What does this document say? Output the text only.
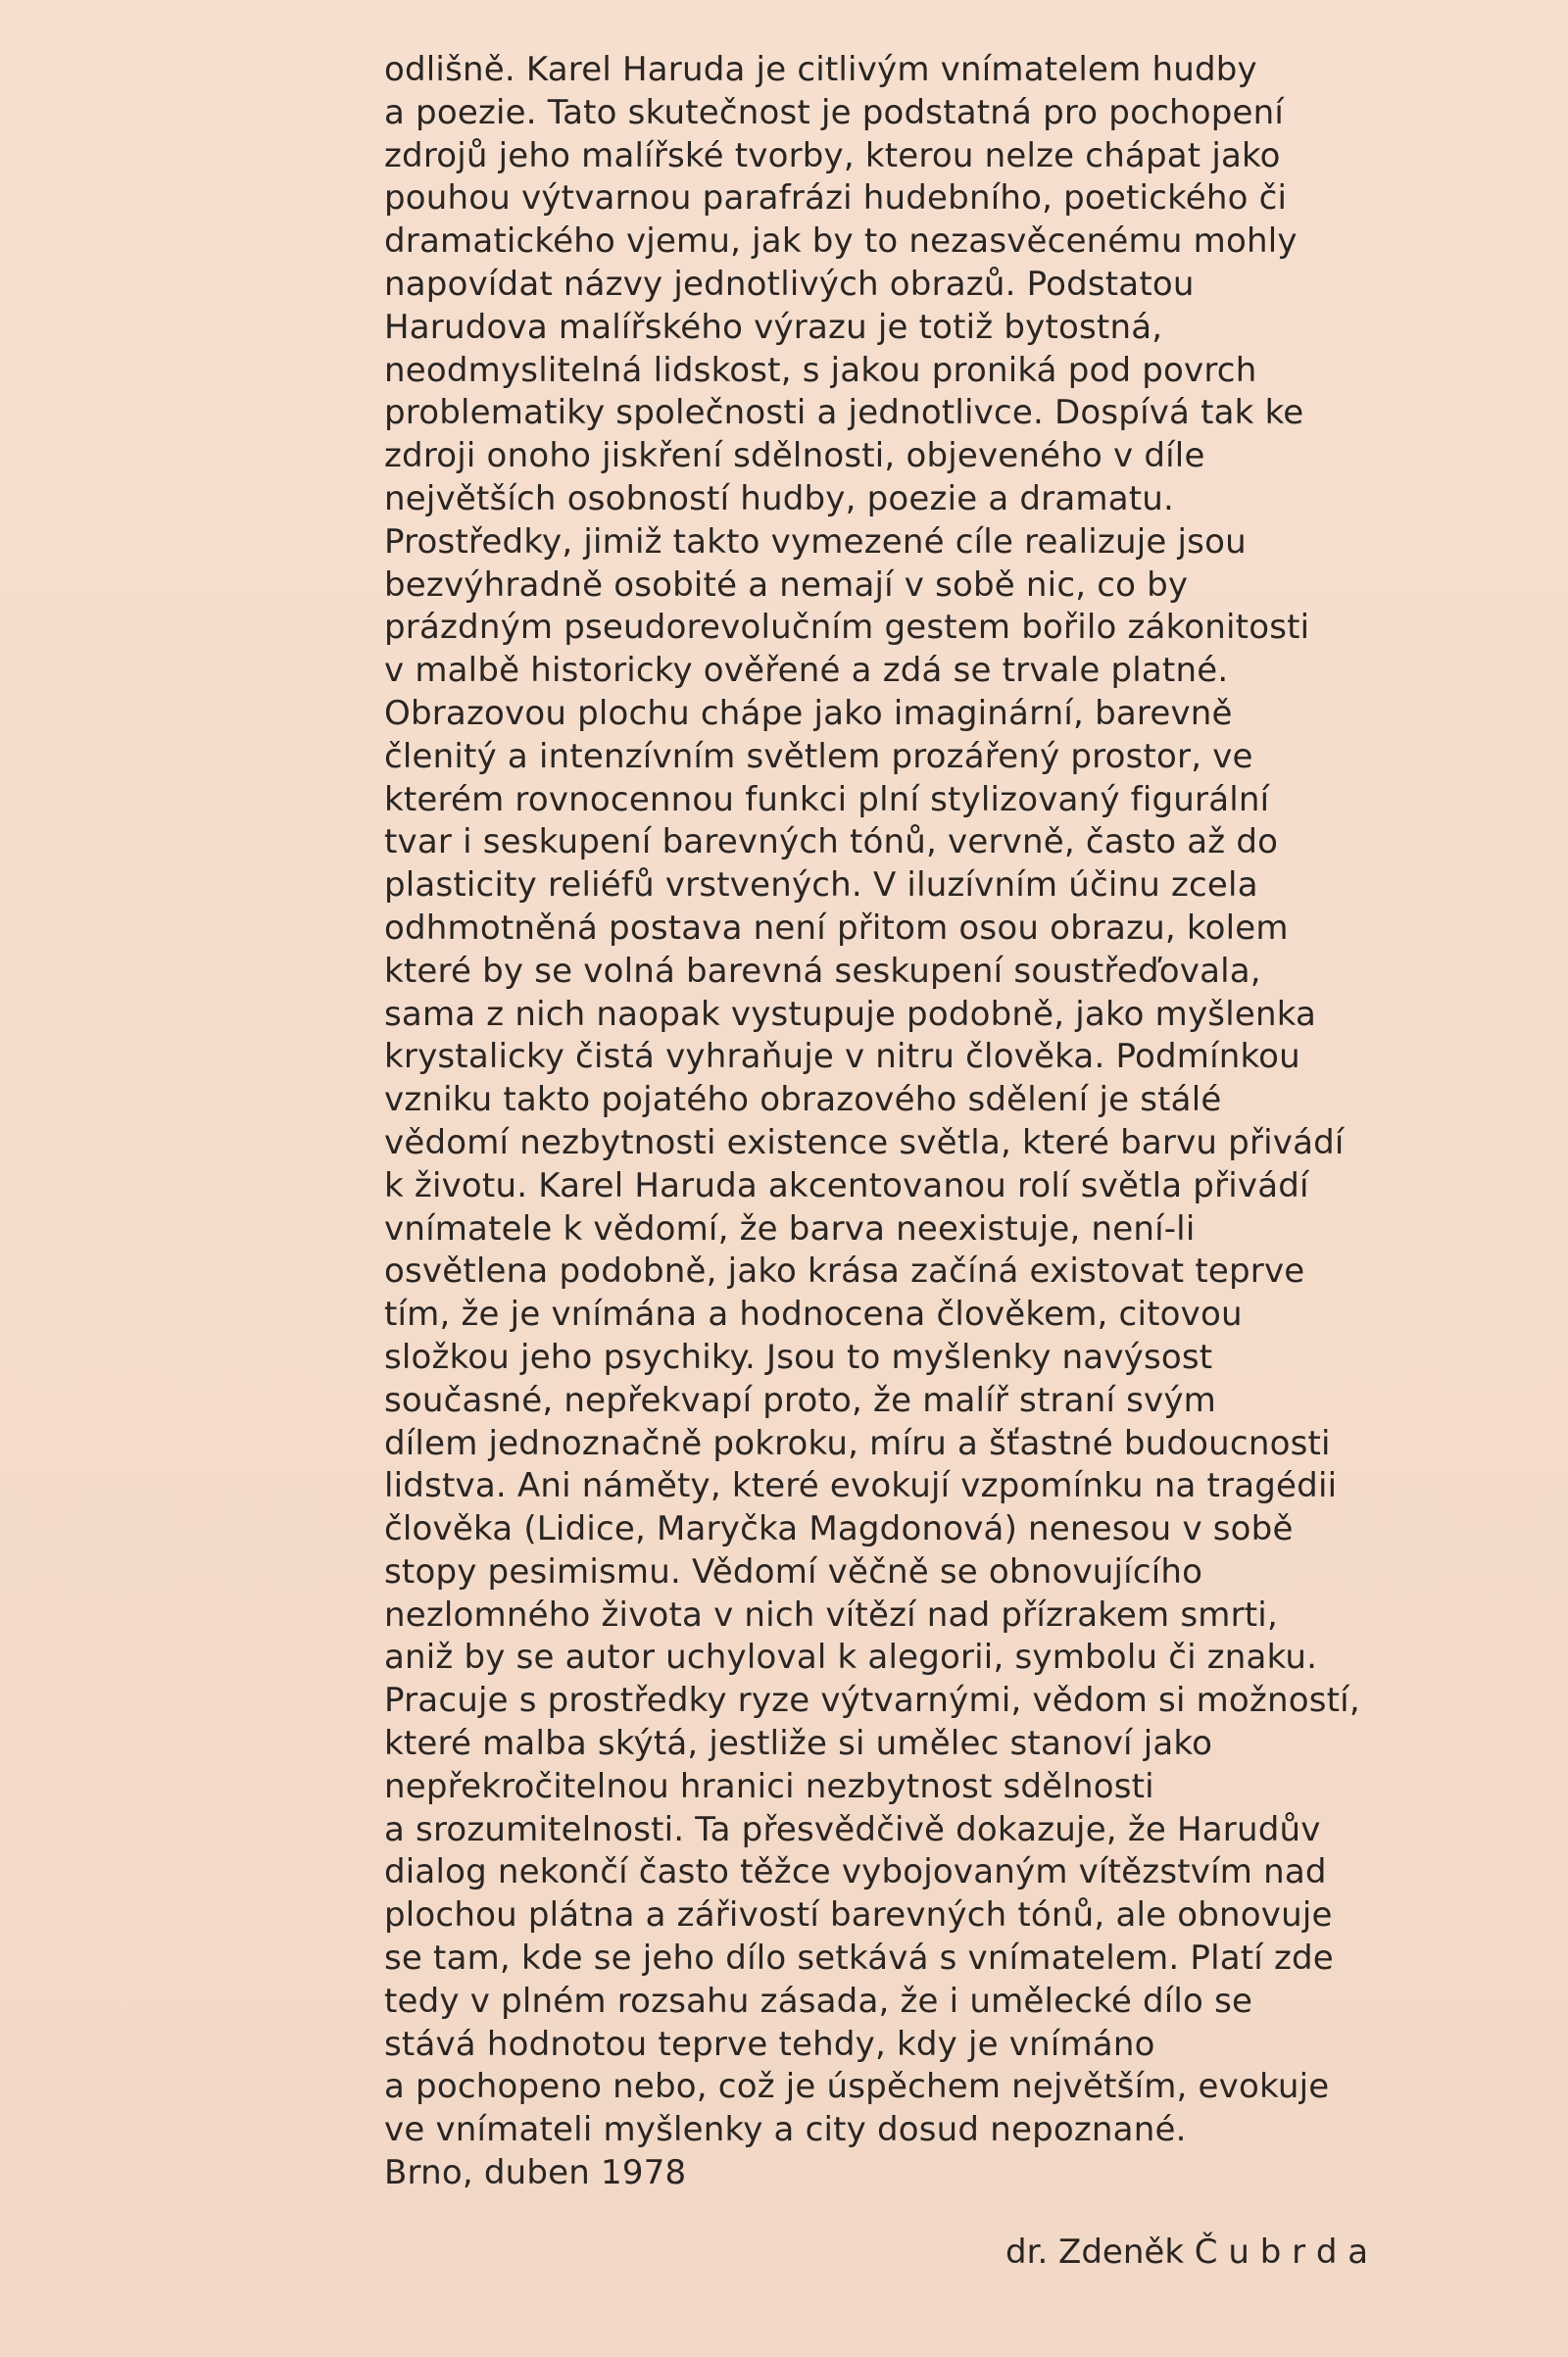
odlišně. Karel Haruda je citlivým vnímatelem hudby
a poezie. Tato skutečnost je podstatná pro pochopení
zdrojů jeho malířské tvorby, kterou nelze chápat jako
pouhou výtvarnou parafrázi hudebního, poetického či
dramatického vjemu, jak by to nezasvěcenému mohly
napovídat názvy jednotlivých obrazů. Podstatou
Harudova malířského výrazu je totiž bytostná,
neodmyslitelná lidskost, s jakou proniká pod povrch
problematiky společnosti a jednotlivce. Dospívá tak ke
zdroji onoho jiskření sdělnosti, objeveného v díle
největších osobností hudby, poezie a dramatu.
Prostředky, jimiž takto vymezené cíle realizuje jsou
bezvýhradně osobité a nemají v sobě nic, co by
prázdným pseudorevolučním gestem bořilo zákonitosti
v malbě historicky ověřené a zdá se trvale platné.
Obrazovou plochu chápe jako imaginární, barevně
členitý a intenzívním světlem prozářený prostor, ve
kterém rovnocennou funkci plní stylizovaný figurální
tvar i seskupení barevných tónů, vervně, často až do
plasticity reliéfů vrstvených. V iluzívním účinu zcela
odhmotněná postava není přitom osou obrazu, kolem
které by se volná barevná seskupení soustřeďovala,
sama z nich naopak vystupuje podobně, jako myšlenka
krystalicky čistá vyhraňuje v nitru člověka. Podmínkou
vzniku takto pojatého obrazového sdělení je stálé
vědomí nezbytnosti existence světla, které barvu přivádí
k životu. Karel Haruda akcentovanou rolí světla přivádí
vnímatele k vědomí, že barva neexistuje, není-li
osvětlena podobně, jako krása začíná existovat teprve
tím, že je vnímána a hodnocena člověkem, citovou
složkou jeho psychiky. Jsou to myšlenky navýsost
současné, nepřekvapí proto, že malíř straní svým
dílem jednoznačně pokroku, míru a šťastné budoucnosti
lidstva. Ani náměty, které evokují vzpomínku na tragédii
člověka (Lidice, Maryčka Magdonová) nenesou v sobě
stopy pesimismu. Vědomí věčně se obnovujícího
nezlomného života v nich vítězí nad přízrakem smrti,
aniž by se autor uchyloval k alegorii, symbolu či znaku.
Pracuje s prostředky ryze výtvarnými, vědom si možností,
které malba skýtá, jestliže si umělec stanoví jako
nepřekročitelnou hranici nezbytnost sdělnosti
a srozumitelnosti. Ta přesvědčivě dokazuje, že Harudův
dialog nekončí často těžce vybojovaným vítězstvím nad
plochou plátna a zářivostí barevných tónů, ale obnovuje
se tam, kde se jeho dílo setkává s vnímatelem. Platí zde
tedy v plném rozsahu zásada, že i umělecké dílo se
stává hodnotou teprve tehdy, kdy je vnímáno
a pochopeno nebo, což je úspěchem největším, evokuje
ve vnímateli myšlenky a city dosud nepoznané.
Brno, duben 1978
dr. Zdeněk Č u b r d a
